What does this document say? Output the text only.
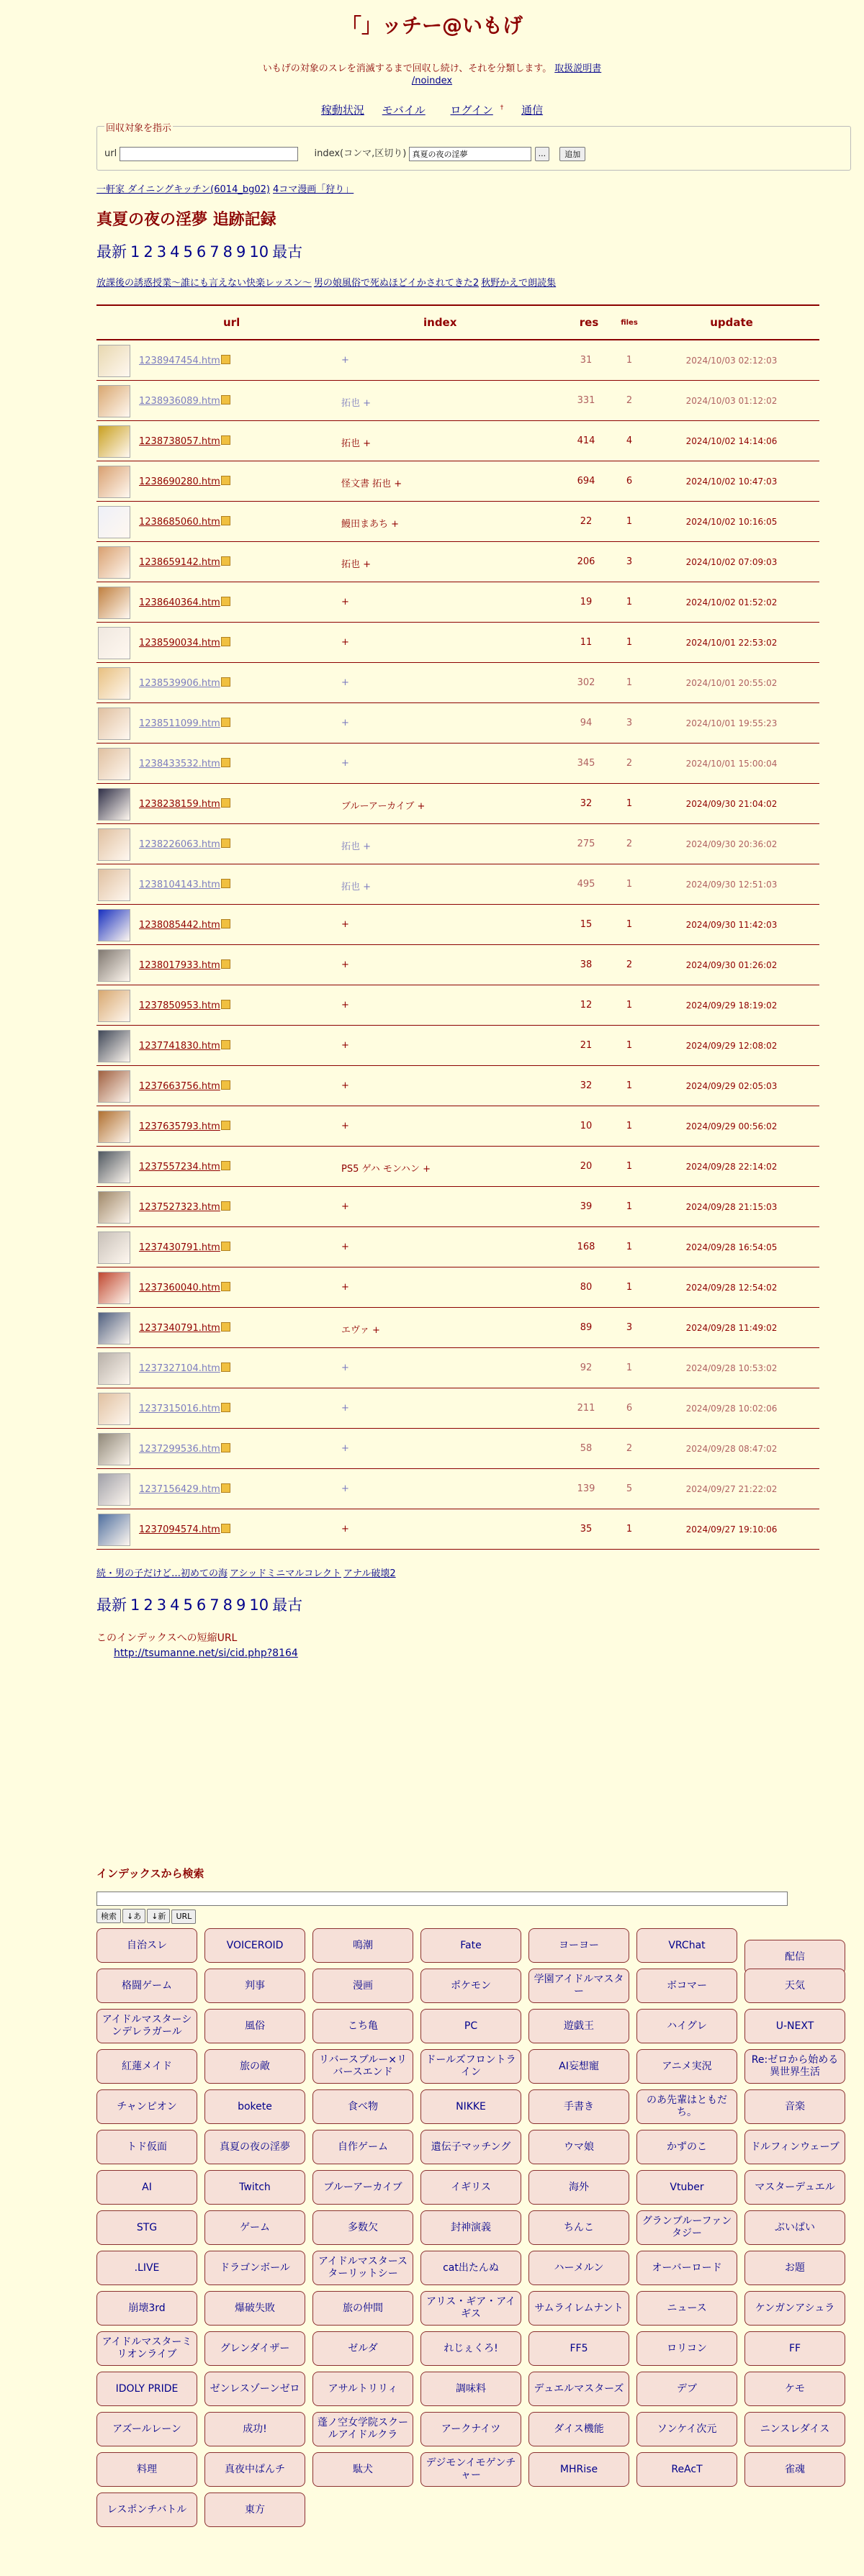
「」ッチー@いもげ
いもげの対象のスレを消滅するまで回収し続け、それを分類します。 取扱説明書
/noindex
稼動状況 モバイル ログイン † 通信
回収対象を指示
url	index(コンマ,区切り) 真夏の夜の淫夢	... 追加
一軒家 ダイニングキッチン(6014_bg02) 4コマ漫画「狩り」
真夏の夜の淫夢 追跡記録
最新 1 2 3 4 5 6 7 8 9 10 最古
放課後の誘惑授業〜誰にも言えない快楽レッスン〜 男の娘風俗で死ぬほどイかされてきた2 秋野かえで朗読集
url	index	res	files	update
1238947454.htm	+	31	1	2024/10/03 02:12:03
1238936089.htm	拓也 +	331	2	2024/10/03 01:12:02
1238738057.htm	拓也 +	414	4	2024/10/02 14:14:06
1238690280.htm	怪文書 拓也 +	694	6	2024/10/02 10:47:03
1238685060.htm	鰻田まあち +	22	1	2024/10/02 10:16:05
1238659142.htm	拓也 +	206	3	2024/10/02 07:09:03
1238640364.htm	+	19	1	2024/10/02 01:52:02
1238590034.htm	+	11	1	2024/10/01 22:53:02
1238539906.htm	+	302	1	2024/10/01 20:55:02
1238511099.htm	+	94	3	2024/10/01 19:55:23
1238433532.htm	+	345	2	2024/10/01 15:00:04
1238238159.htm	ブルーアーカイブ +	32	1	2024/09/30 21:04:02
1238226063.htm	拓也 +	275	2	2024/09/30 20:36:02
1238104143.htm	拓也 +	495	1	2024/09/30 12:51:03
1238085442.htm	+	15	1	2024/09/30 11:42:03
1238017933.htm	+	38	2	2024/09/30 01:26:02
1237850953.htm	+	12	1	2024/09/29 18:19:02
1237741830.htm	+	21	1	2024/09/29 12:08:02
1237663756.htm	+	32	1	2024/09/29 02:05:03
1237635793.htm	+	10	1	2024/09/29 00:56:02
1237557234.htm	PS5 ゲハ モンハン +	20	1	2024/09/28 22:14:02
1237527323.htm	+	39	1	2024/09/28 21:15:03
1237430791.htm	+	168	1	2024/09/28 16:54:05
1237360040.htm	+	80	1	2024/09/28 12:54:02
1237340791.htm	エヴァ +	89	3	2024/09/28 11:49:02
1237327104.htm	+	92	1	2024/09/28 10:53:02
1237315016.htm	+	211	6	2024/09/28 10:02:06
1237299536.htm	+	58	2	2024/09/28 08:47:02
1237156429.htm	+	139	5	2024/09/27 21:22:02
1237094574.htm	+	35	1	2024/09/27 19:10:06
続・男の子だけど…初めての海 アシッドミニマルコレクト アナル破壊2
最新 1 2 3 4 5 6 7 8 9 10 最古
このインデックスへの短縮URL
http://tsumanne.net/si/cid.php?8164
インデックスから検索
検索 ↓あ ↓新 URL
自治スレ	VOICEROID	鳴潮	Fate	ヨーヨー	VRChat
配信
格闘ゲーム	判事	漫画	ポケモン
学園アイドルマスター
ボコマー	天気
アイドルマスターシンデレラガール
風俗	こち亀	PC	遊戯王	ハイグレ	U-NEXT
紅蓮メイド	旅の敵
リバースブルー×リバースエンド
ドールズフロントライン
AI妄想寵	アニメ実況
Re:ゼロから始める異世界生活
チャンピオン	bokete	食べ物	NIKKE	手書き
のあ先輩はともだち。
音楽
トド仮面	真夏の夜の淫夢	自作ゲーム	遺伝子マッチング	ウマ娘	かずのこ	ドルフィンウェーブ
AI	Twitch	ブルーアーカイブ	イギリス	海外	Vtuber	マスターデュエル
STG	ゲーム	多数欠	封神演義	ちんこ
グランブルーファンタジー
ぶいぱい
.LIVE	ドラゴンボール
アイドルマスタースターリットシー
cat出たんぬ	ハーメルン	オーバーロード	お題
崩壊3rd	爆破失敗	旅の仲間
アリス・ギア・アイギス
サムライレムナント	ニュース	ケンガンアシュラ
アイドルマスターミリオンライブ
グレンダイザー	ゼルダ	れじぇくろ!	FF5	ロリコン	FF
IDOLY PRIDE	ゼンレスゾーンゼロ	アサルトリリィ	調味料	デュエルマスターズ	デブ	ケモ
アズールレーン	成功!
蓬ノ空女学院スクールアイドルクラ
アークナイツ	ダイス機能	ソンケイ次元	ニンスレダイス
料理	真夜中ぱんチ	駄犬
デジモンイモゲンチャー
MHRise	ReAcT	雀魂
レスポンチバトル	東方
